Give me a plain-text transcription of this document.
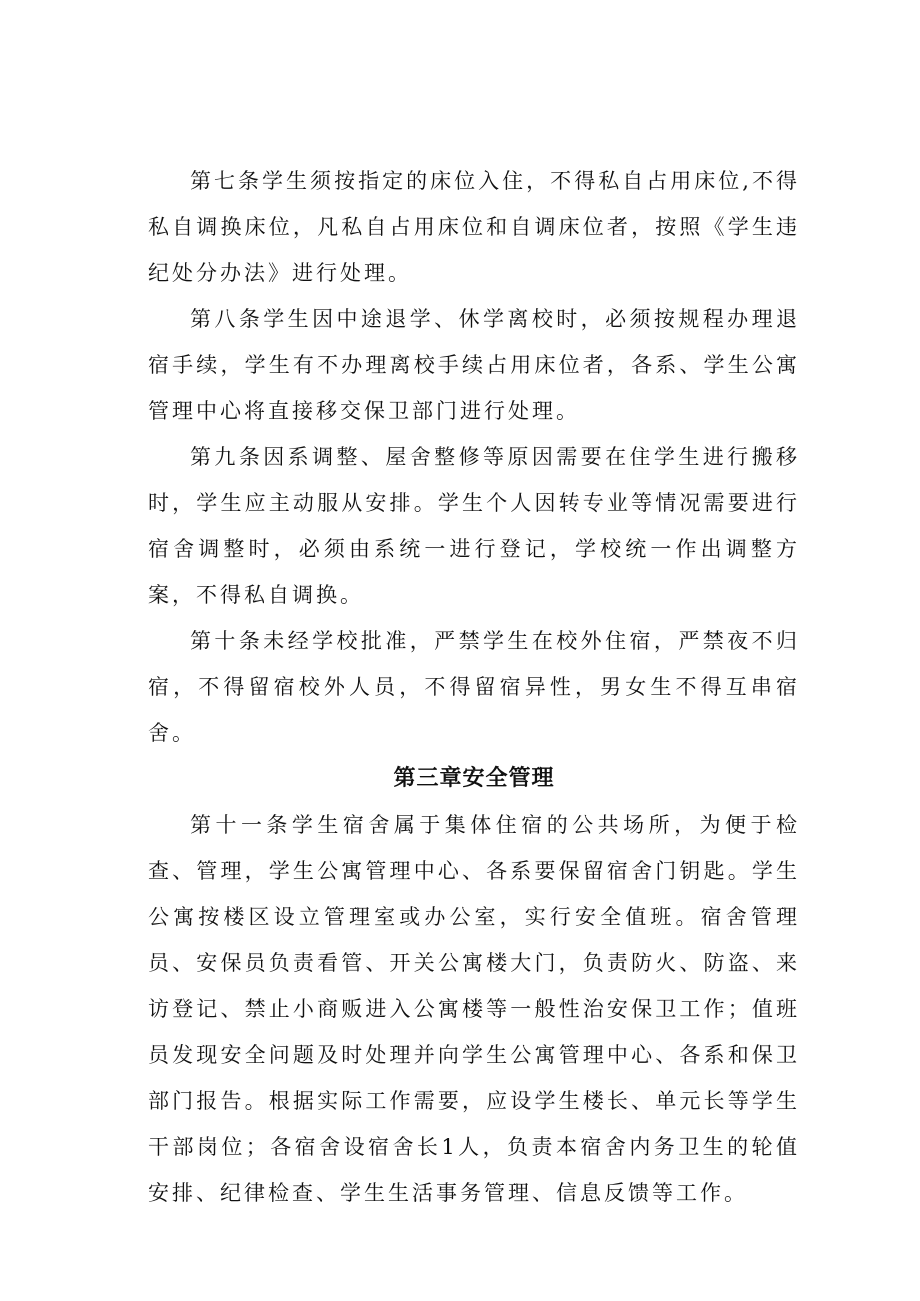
第七条学生须按指定的床位入住，不得私自占用床位,不得私自调换床位，凡私自占用床位和自调床位者，按照《学生违纪处分办法》进行处理。

第八条学生因中途退学、休学离校时，必须按规程办理退宿手续，学生有不办理离校手续占用床位者，各系、学生公寓管理中心将直接移交保卫部门进行处理。

第九条因系调整、屋舍整修等原因需要在住学生进行搬移时，学生应主动服从安排。学生个人因转专业等情况需要进行宿舍调整时，必须由系统一进行登记，学校统一作出调整方案，不得私自调换。

第十条未经学校批准，严禁学生在校外住宿，严禁夜不归宿，不得留宿校外人员，不得留宿异性，男女生不得互串宿舍。

第三章安全管理

第十一条学生宿舍属于集体住宿的公共场所，为便于检查、管理，学生公寓管理中心、各系要保留宿舍门钥匙。学生公寓按楼区设立管理室或办公室，实行安全值班。宿舍管理员、安保员负责看管、开关公寓楼大门，负责防火、防盗、来访登记、禁止小商贩进入公寓楼等一般性治安保卫工作；值班员发现安全问题及时处理并向学生公寓管理中心、各系和保卫部门报告。根据实际工作需要，应设学生楼长、单元长等学生干部岗位；各宿舍设宿舍长1人，负责本宿舍内务卫生的轮值安排、纪律检查、学生生活事务管理、信息反馈等工作。
